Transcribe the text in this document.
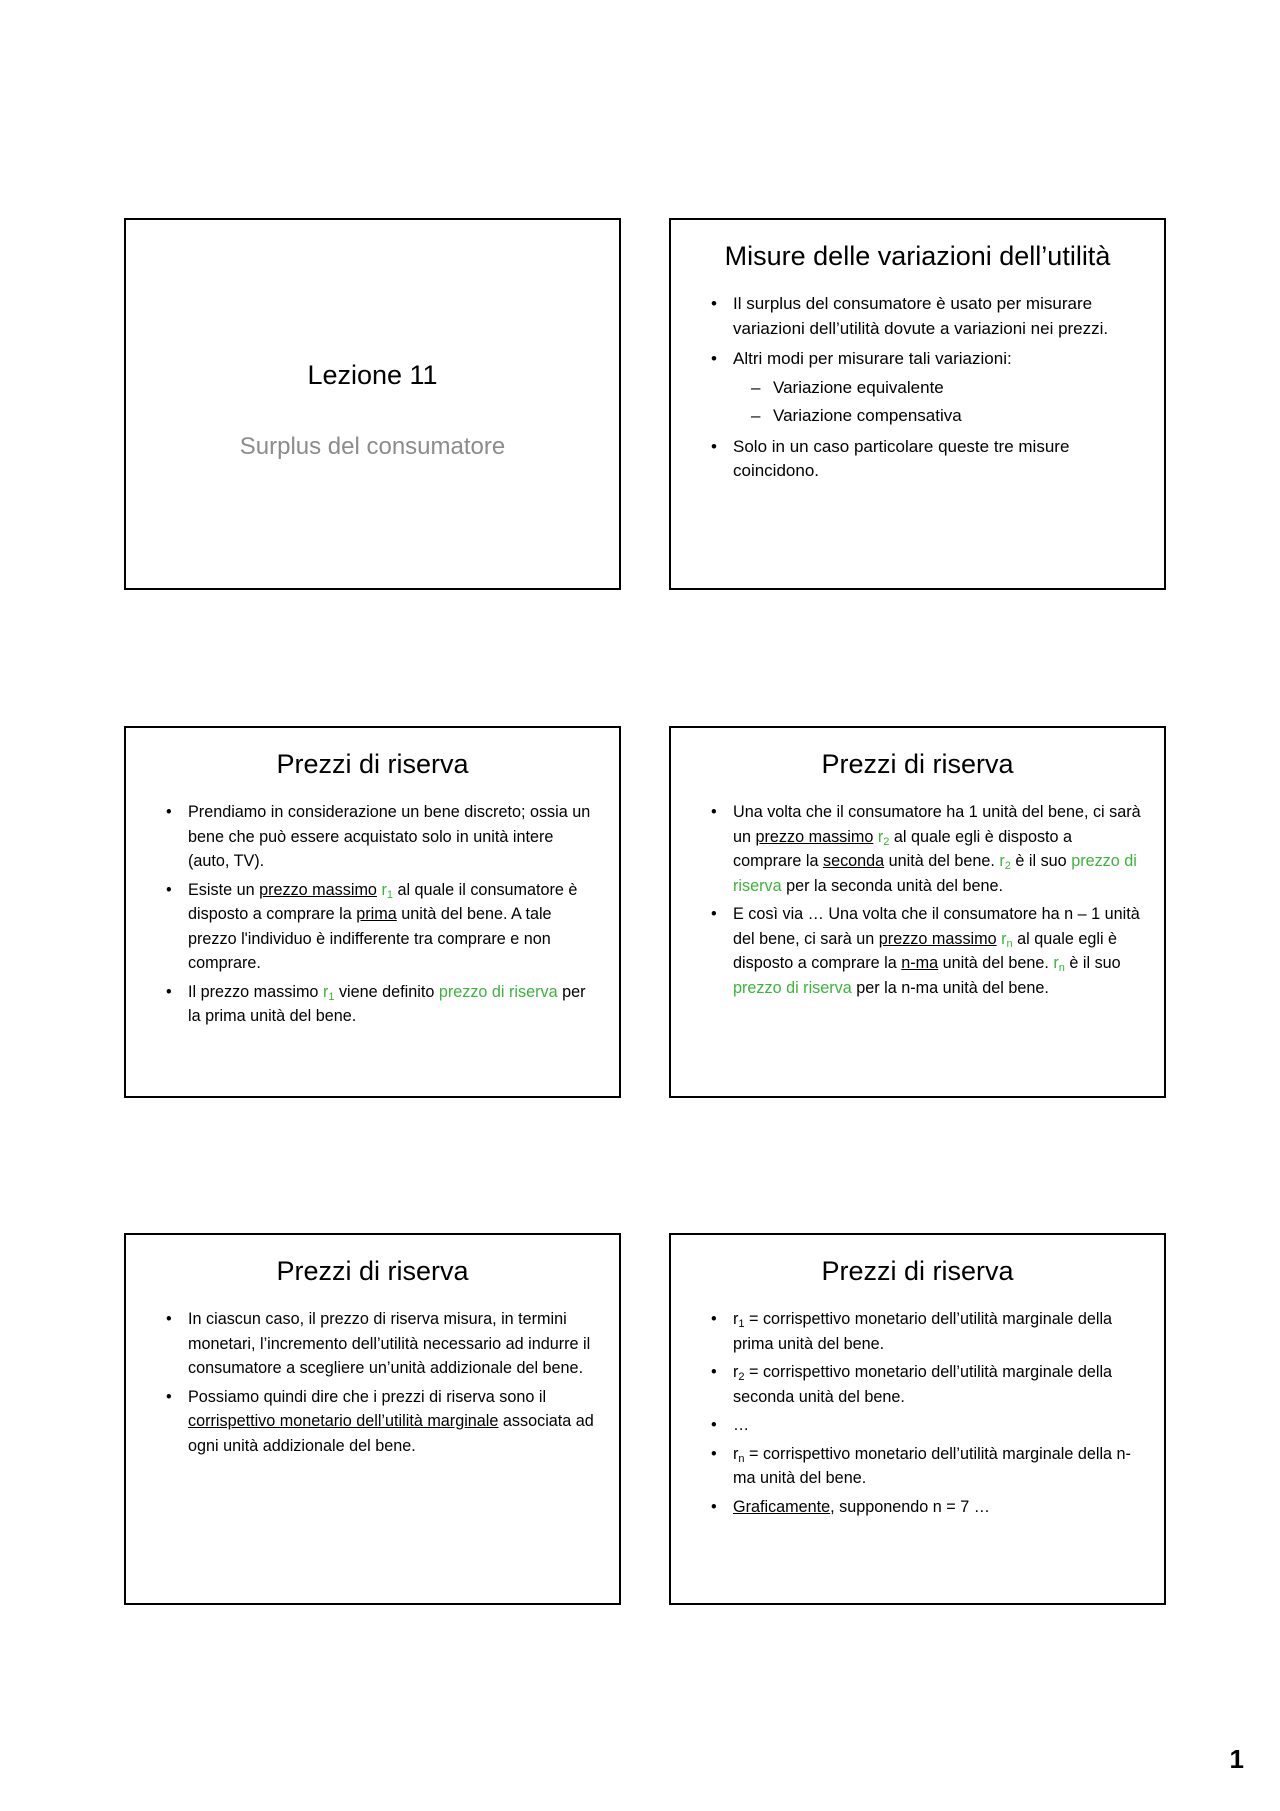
Lezione 11
Surplus del consumatore
Misure delle variazioni dell’utilità
• Il surplus del consumatore è usato per misurare variazioni dell’utilità dovute a variazioni nei prezzi.
• Altri modi per misurare tali variazioni:
– Variazione equivalente
– Variazione compensativa
• Solo in un caso particolare queste tre misure coincidono.
Prezzi di riserva
• Prendiamo in considerazione un bene discreto; ossia un bene che può essere acquistato solo in unità intere (auto, TV).
• Esiste un prezzo massimo $r_1$ al quale il consumatore è disposto a comprare la prima unità del bene. A tale prezzo l'individuo è indifferente tra comprare e non comprare.
• Il prezzo massimo $r_1$ viene definito prezzo di riserva per la prima unità del bene.
Prezzi di riserva
• Una volta che il consumatore ha 1 unità del bene, ci sarà un prezzo massimo $r_2$ al quale egli è disposto a comprare la seconda unità del bene. $r_2$ è il suo prezzo di riserva per la seconda unità del bene.
• E così via … Una volta che il consumatore ha n – 1 unità del bene, ci sarà un prezzo massimo $r_n$ al quale egli è disposto a comprare la n-ma unità del bene. $r_n$ è il suo prezzo di riserva per la n-ma unità del bene.
Prezzi di riserva
• In ciascun caso, il prezzo di riserva misura, in termini monetari, l’incremento dell’utilità necessario ad indurre il consumatore a scegliere un’unità addizionale del bene.
• Possiamo quindi dire che i prezzi di riserva sono il corrispettivo monetario dell’utilità marginale associata ad ogni unità addizionale del bene.
Prezzi di riserva
• $r_1$ = corrispettivo monetario dell’utilità marginale della prima unità del bene.
• $r_2$ = corrispettivo monetario dell’utilità marginale della seconda unità del bene.
• …
• $r_n$ = corrispettivo monetario dell’utilità marginale della n-ma unità del bene.
• Graficamente, supponendo n = 7 …
1
